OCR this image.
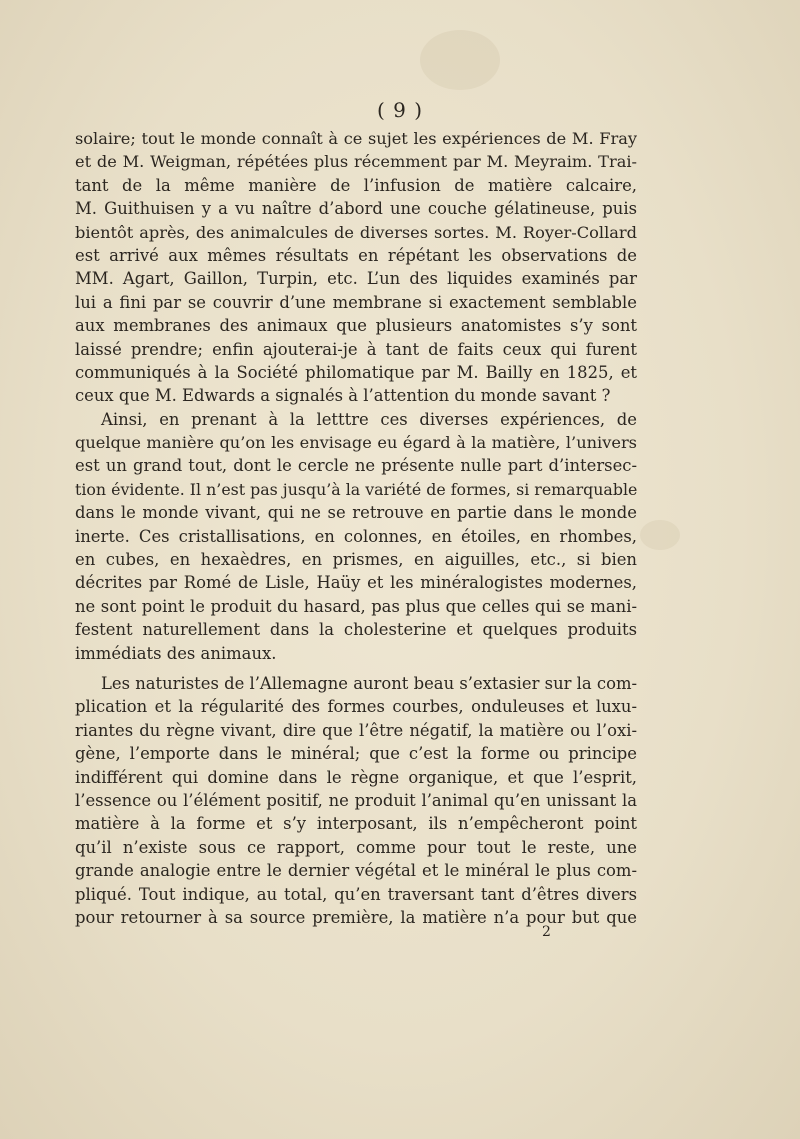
( 9 )
solaire; tout le monde connaît à ce sujet les expériences de M. Fray
et de M. Weigman, répétées plus récemment par M. Meyraim. Trai-
tant de la même manière de l’infusion de matière calcaire,
M. Guithuisen y a vu naître d’abord une couche gélatineuse, puis
bientôt après, des animalcules de diverses sortes. M. Royer-Collard
est arrivé aux mêmes résultats en répétant les observations de
MM. Agart, Gaillon, Turpin, etc. L’un des liquides examinés par
lui a fini par se couvrir d’une membrane si exactement semblable
aux membranes des animaux que plusieurs anatomistes s’y sont
laissé prendre; enfin ajouterai-je à tant de faits ceux qui furent
communiqués à la Société philomatique par M. Bailly en 1825, et
ceux que M. Edwards a signalés à l’attention du monde savant ?
Ainsi, en prenant à la letttre ces diverses expériences, de
quelque manière qu’on les envisage eu égard à la matière, l’univers
est un grand tout, dont le cercle ne présente nulle part d’intersec-
tion évidente. Il n’est pas jusqu’à la variété de formes, si remarquable
dans le monde vivant, qui ne se retrouve en partie dans le monde
inerte. Ces cristallisations, en colonnes, en étoiles, en rhombes,
en cubes, en hexaèdres, en prismes, en aiguilles, etc., si bien
décrites par Romé de Lisle, Haüy et les minéralogistes modernes,
ne sont point le produit du hasard, pas plus que celles qui se mani-
festent naturellement dans la cholesterine et quelques produits
immédiats des animaux.
Les naturistes de l’Allemagne auront beau s’extasier sur la com-
plication et la régularité des formes courbes, onduleuses et luxu-
riantes du règne vivant, dire que l’être négatif, la matière ou l’oxi-
gène, l’emporte dans le minéral; que c’est la forme ou principe
indifférent qui domine dans le règne organique, et que l’esprit,
l’essence ou l’élément positif, ne produit l’animal qu’en unissant la
matière à la forme et s’y interposant, ils n’empêcheront point
qu’il n’existe sous ce rapport, comme pour tout le reste, une
grande analogie entre le dernier végétal et le minéral le plus com-
pliqué. Tout indique, au total, qu’en traversant tant d’êtres divers
pour retourner à sa source première, la matière n’a pour but que
2
